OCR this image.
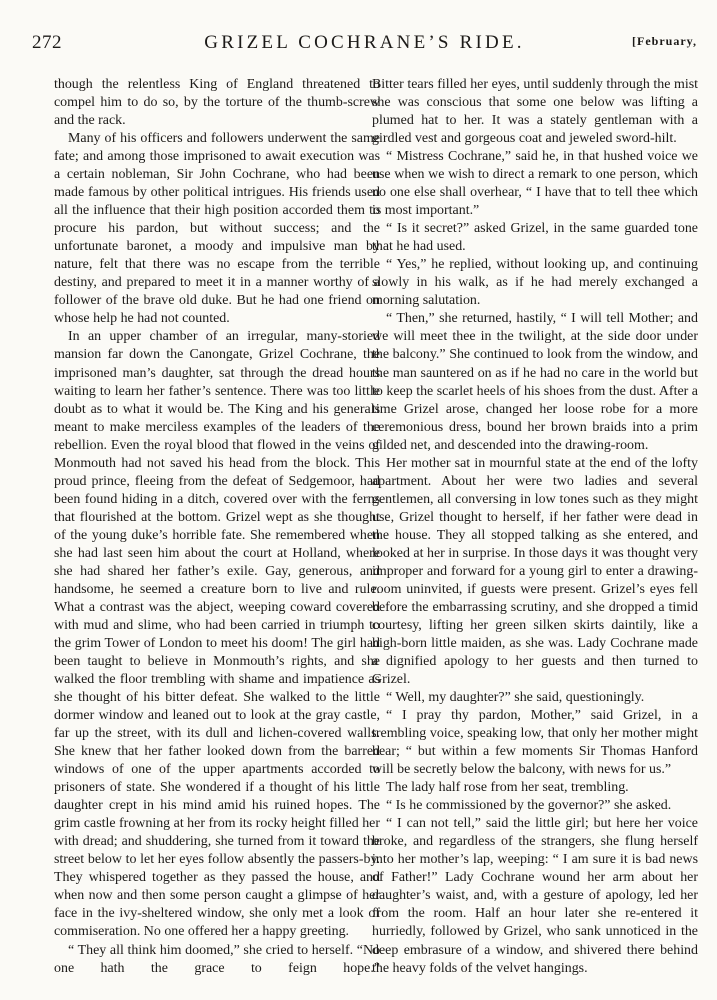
272	GRIZEL COCHRANE’S RIDE.	[February,

though the relentless King of England threatened to compel him to do so, by the torture of the thumb-screw and the rack.

Many of his officers and followers underwent the same fate; and among those imprisoned to await execution was a certain nobleman, Sir John Cochrane, who had been made famous by other political intrigues. His friends used all the influence that their high position accorded them to procure his pardon, but without success; and the unfortunate baronet, a moody and impulsive man by nature, felt that there was no escape from the terrible destiny, and prepared to meet it in a manner worthy of a follower of the brave old duke. But he had one friend on whose help he had not counted.

In an upper chamber of an irregular, many-storied mansion far down the Canongate, Grizel Cochrane, the imprisoned man’s daughter, sat through the dread hours waiting to learn her father’s sentence. There was too little doubt as to what it would be. The King and his generals meant to make merciless examples of the leaders of the rebellion. Even the royal blood that flowed in the veins of Monmouth had not saved his head from the block. This proud prince, fleeing from the defeat of Sedgemoor, had been found hiding in a ditch, covered over with the ferns that flourished at the bottom. Grizel wept as she thought of the young duke’s horrible fate. She remembered when she had last seen him about the court at Holland, where she had shared her father’s exile. Gay, generous, and handsome, he seemed a creature born to live and rule. What a contrast was the abject, weeping coward covered with mud and slime, who had been carried in triumph to the grim Tower of London to meet his doom! The girl had been taught to believe in Monmouth’s rights, and she walked the floor trembling with shame and impatience as she thought of his bitter defeat. She walked to the little dormer window and leaned out to look at the gray castle, far up the street, with its dull and lichen-covered walls. She knew that her father looked down from the barred windows of one of the upper apartments accorded to prisoners of state. She wondered if a thought of his little daughter crept in his mind amid his ruined hopes. The grim castle frowning at her from its rocky height filled her with dread; and shuddering, she turned from it toward the street below to let her eyes follow absently the passers-by. They whispered together as they passed the house, and when now and then some person caught a glimpse of her face in the ivy-sheltered window, she only met a look of commiseration. No one offered her a happy greeting.

“ They all think him doomed,” she cried to herself. “No one hath the grace to feign hope.”

Bitter tears filled her eyes, until suddenly through the mist she was conscious that some one below was lifting a plumed hat to her. It was a stately gentleman with a girdled vest and gorgeous coat and jeweled sword-hilt.

“ Mistress Cochrane,” said he, in that hushed voice we use when we wish to direct a remark to one person, which no one else shall overhear, “ I have that to tell thee which is most important.”

“ Is it secret?” asked Grizel, in the same guarded tone that he had used.

“ Yes,” he replied, without looking up, and continuing slowly in his walk, as if he had merely exchanged a morning salutation.

“ Then,” she returned, hastily, “ I will tell Mother; and we will meet thee in the twilight, at the side door under the balcony.” She continued to look from the window, and the man sauntered on as if he had no care in the world but to keep the scarlet heels of his shoes from the dust. After a time Grizel arose, changed her loose robe for a more ceremonious dress, bound her brown braids into a prim gilded net, and descended into the drawing-room.

Her mother sat in mournful state at the end of the lofty apartment. About her were two ladies and several gentlemen, all conversing in low tones such as they might use, Grizel thought to herself, if her father were dead in the house. They all stopped talking as she entered, and looked at her in surprise. In those days it was thought very improper and forward for a young girl to enter a drawing-room uninvited, if guests were present. Grizel’s eyes fell before the embarrassing scrutiny, and she dropped a timid courtesy, lifting her green silken skirts daintily, like a high-born little maiden, as she was. Lady Cochrane made a dignified apology to her guests and then turned to Grizel.

“ Well, my daughter?” she said, questioningly.

“ I pray thy pardon, Mother,” said Grizel, in a trembling voice, speaking low, that only her mother might hear; “ but within a few moments Sir Thomas Hanford will be secretly below the balcony, with news for us.”

The lady half rose from her seat, trembling.

“ Is he commissioned by the governor?” she asked.

“ I can not tell,” said the little girl; but here her voice broke, and regardless of the strangers, she flung herself into her mother’s lap, weeping: “ I am sure it is bad news of Father!” Lady Cochrane wound her arm about her daughter’s waist, and, with a gesture of apology, led her from the room. Half an hour later she re-entered it hurriedly, followed by Grizel, who sank unnoticed in the deep embrasure of a window, and shivered there behind the heavy folds of the velvet hangings.
